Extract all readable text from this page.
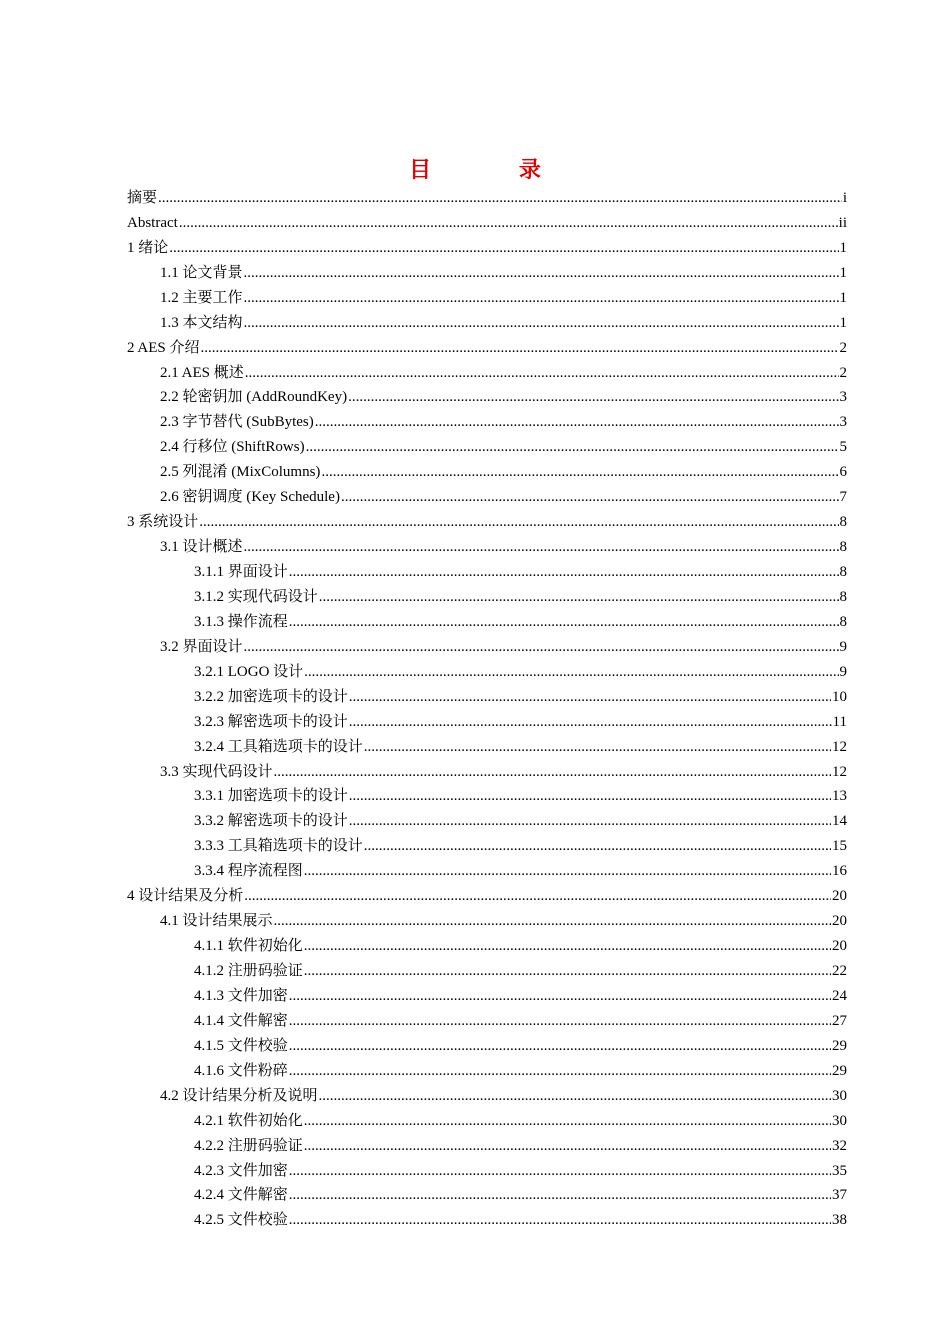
目 录
摘要 .....	i
Abstract .....	ii
1 绪论 .....	1
1.1 论文背景 .....	1
1.2 主要工作 .....	1
1.3 本文结构 .....	1
2 AES 介绍 .....	2
2.1 AES 概述 .....	2
2.2 轮密钥加 (AddRoundKey) .....	3
2.3 字节替代 (SubBytes) .....	3
2.4 行移位 (ShiftRows) .....	5
2.5 列混淆 (MixColumns) .....	6
2.6 密钥调度 (Key Schedule) .....	7
3 系统设计 .....	8
3.1 设计概述 .....	8
3.1.1 界面设计 .....	8
3.1.2 实现代码设计 .....	8
3.1.3 操作流程 .....	8
3.2 界面设计 .....	9
3.2.1 LOGO 设计 .....	9
3.2.2 加密选项卡的设计 .....	10
3.2.3 解密选项卡的设计 .....	11
3.2.4 工具箱选项卡的设计 .....	12
3.3 实现代码设计 .....	12
3.3.1 加密选项卡的设计 .....	13
3.3.2 解密选项卡的设计 .....	14
3.3.3 工具箱选项卡的设计 .....	15
3.3.4 程序流程图 .....	16
4 设计结果及分析 .....	20
4.1 设计结果展示 .....	20
4.1.1 软件初始化 .....	20
4.1.2 注册码验证 .....	22
4.1.3 文件加密 .....	24
4.1.4 文件解密 .....	27
4.1.5 文件校验 .....	29
4.1.6 文件粉碎 .....	29
4.2 设计结果分析及说明 .....	30
4.2.1 软件初始化 .....	30
4.2.2 注册码验证 .....	32
4.2.3 文件加密 .....	35
4.2.4 文件解密 .....	37
4.2.5 文件校验 .....	38
